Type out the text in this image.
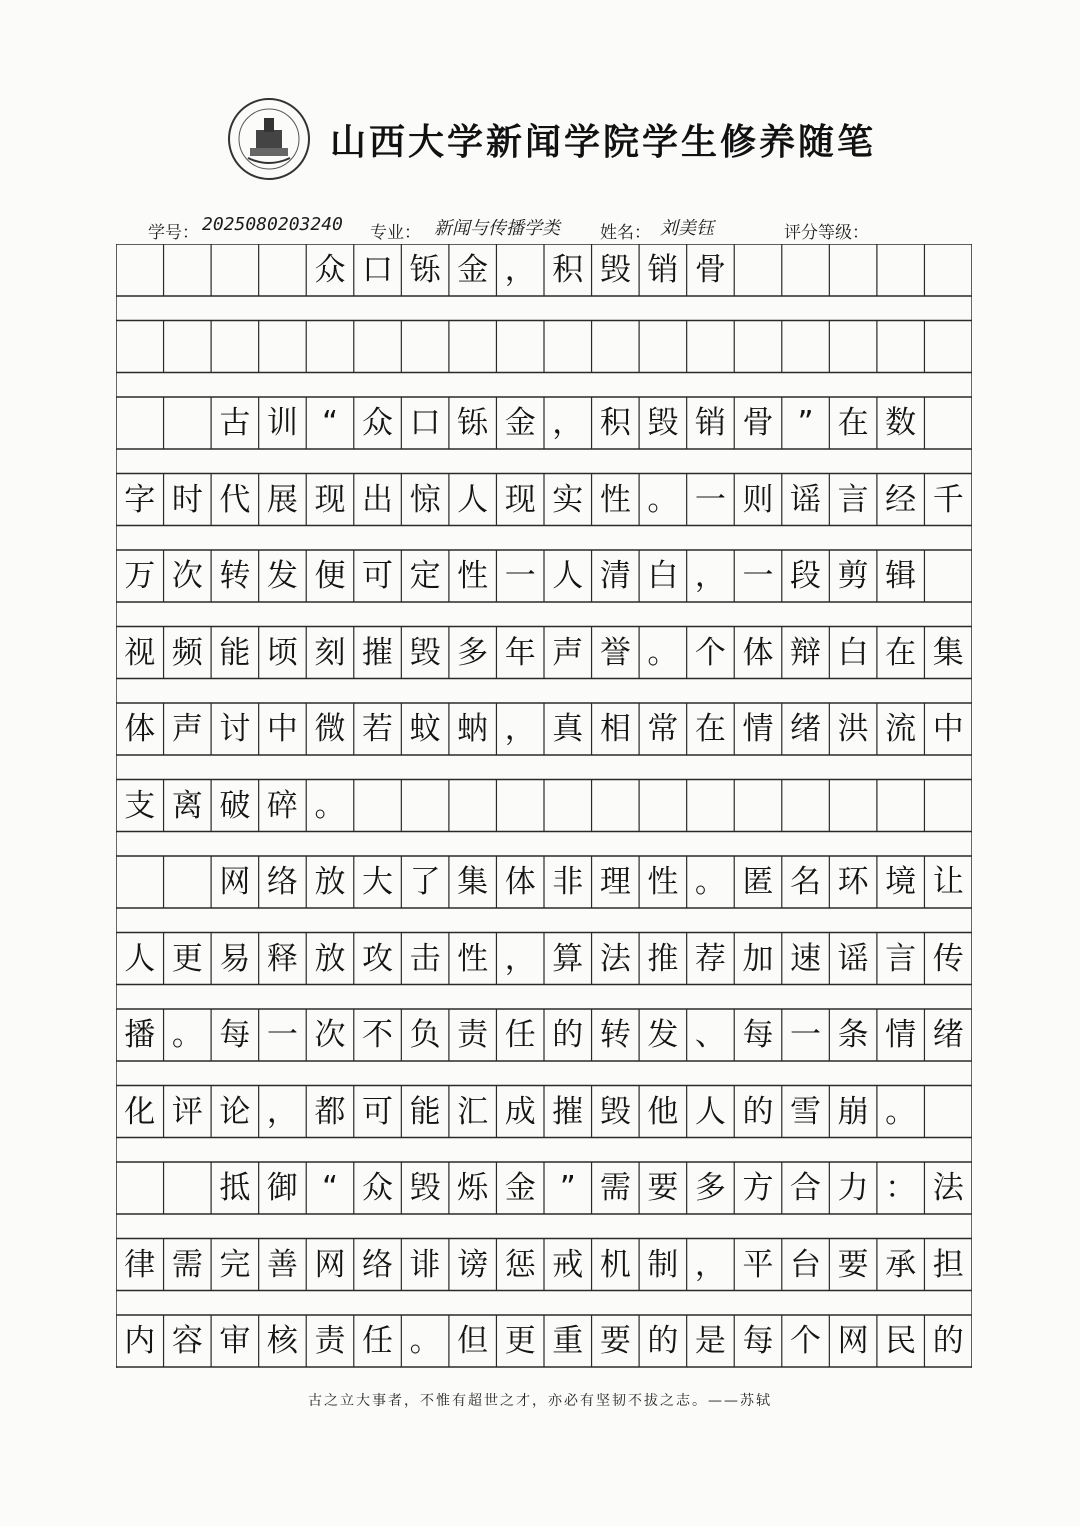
山西大学新闻学院学生修养随笔
学号： 2025080203240 专业： 新闻与传播学类 姓名： 刘美钰	评分等级：
众 口 铄 金 ， 积 毁 销 骨
古 训 “ 众 口 铄 金 ， 积 毁 销 骨 ” 在 数
字 时 代 展 现 出 惊 人 现 实 性 。 一 则 谣 言 经 千
万 次 转 发 便 可 定 性 一 人 清 白 ， 一 段 剪 辑
视 频 能 顷 刻 摧 毁 多 年 声 誉 。 个 体 辩 白 在 集
体 声 讨 中 微 若 蚊 蚋 ， 真 相 常 在 情 绪 洪 流 中
支 离 破 碎 。
网 络 放 大 了 集 体 非 理 性 。 匿 名 环 境 让
人 更 易 释 放 攻 击 性 ， 算 法 推 荐 加 速 谣 言 传
播 。 每 一 次 不 负 责 任 的 转 发 、 每 一 条 情 绪
化 评 论 ， 都 可 能 汇 成 摧 毁 他 人 的 雪 崩 。
抵 御 “ 众 毁 烁 金 ” 需 要 多 方 合 力 ： 法
律 需 完 善 网 络 诽 谤 惩 戒 机 制 ， 平 台 要 承 担
内 容 审 核 责 任 。 但 更 重 要 的 是 每 个 网 民 的
古之立大事者，不惟有超世之才，亦必有坚韧不拔之志。——苏轼
